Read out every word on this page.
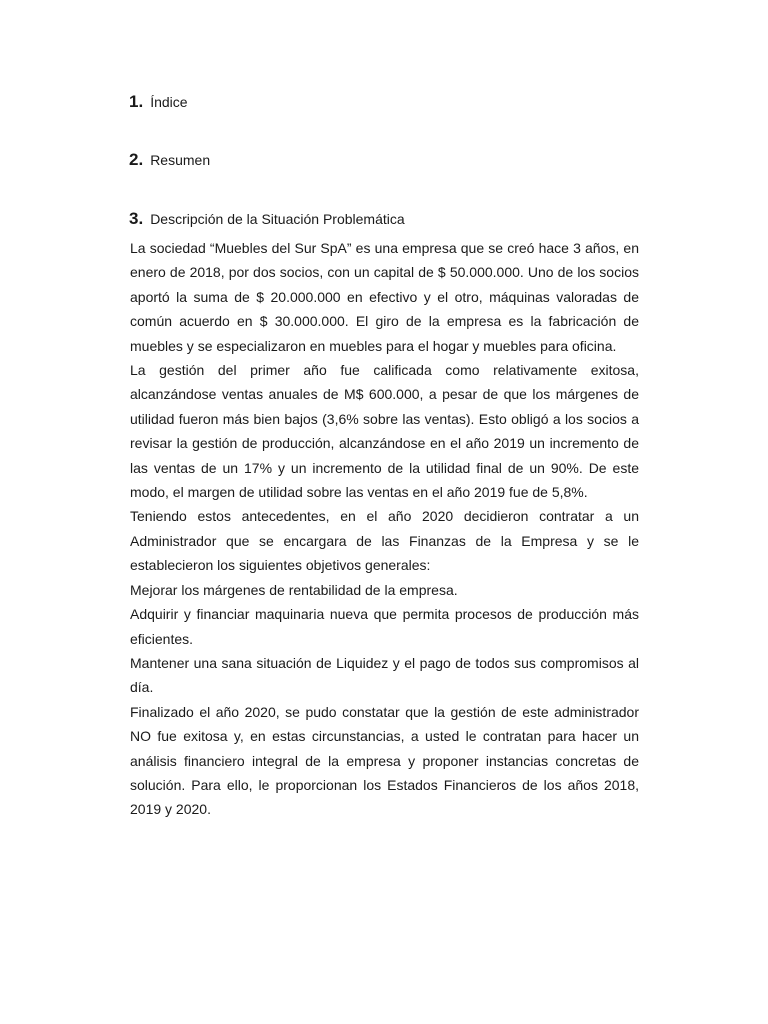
1. Índice
2. Resumen
3. Descripción de la Situación Problemática

La sociedad “Muebles del Sur SpA” es una empresa que se creó hace 3 años, en enero de 2018, por dos socios, con un capital de $ 50.000.000. Uno de los socios aportó la suma de $ 20.000.000 en efectivo y el otro, máquinas valoradas de común acuerdo en $ 30.000.000. El giro de la empresa es la fabricación de muebles y se especializaron en muebles para el hogar y muebles para oficina.

La gestión del primer año fue calificada como relativamente exitosa, alcanzándose ventas anuales de M$ 600.000, a pesar de que los márgenes de utilidad fueron más bien bajos (3,6% sobre las ventas). Esto obligó a los socios a revisar la gestión de producción, alcanzándose en el año 2019 un incremento de las ventas de un 17% y un incremento de la utilidad final de un 90%. De este modo, el margen de utilidad sobre las ventas en el año 2019 fue de 5,8%.

Teniendo estos antecedentes, en el año 2020 decidieron contratar a un Administrador que se encargara de las Finanzas de la Empresa y se le establecieron los siguientes objetivos generales:

Mejorar los márgenes de rentabilidad de la empresa.

Adquirir y financiar maquinaria nueva que permita procesos de producción más eficientes.

Mantener una sana situación de Liquidez y el pago de todos sus compromisos al día.

Finalizado el año 2020, se pudo constatar que la gestión de este administrador NO fue exitosa y, en estas circunstancias, a usted le contratan para hacer un análisis financiero integral de la empresa y proponer instancias concretas de solución. Para ello, le proporcionan los Estados Financieros de los años 2018, 2019 y 2020.
